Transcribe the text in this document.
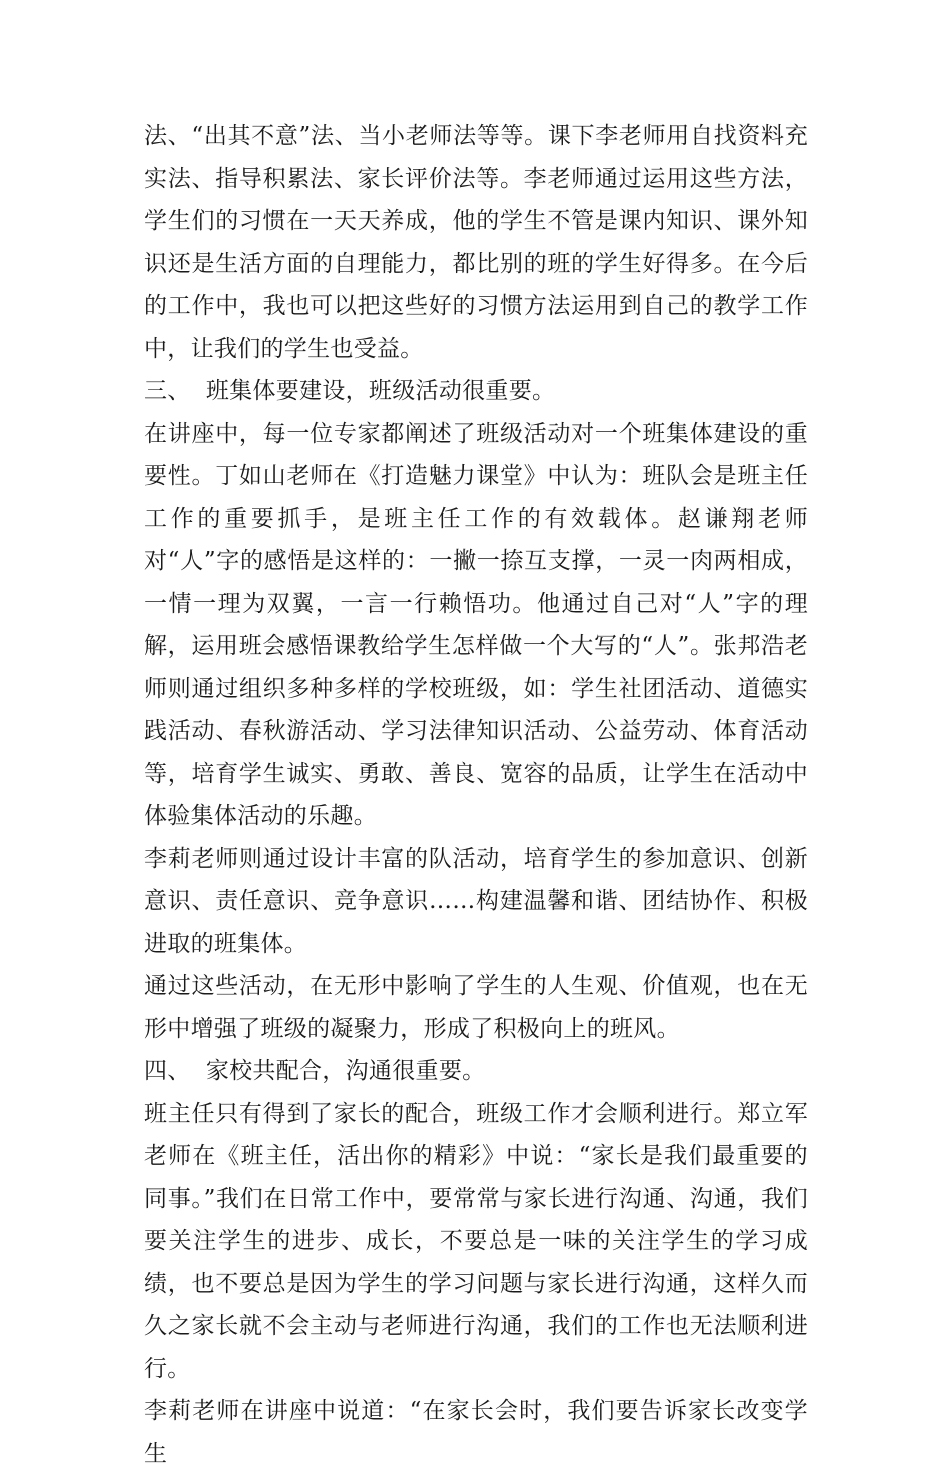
法、“出其不意”法、当小老师法等等。课下李老师用自找资料充实法、指导积累法、家长评价法等。李老师通过运用这些方法，学生们的习惯在一天天养成，他的学生不管是课内知识、课外知识还是生活方面的自理能力，都比别的班的学生好得多。在今后的工作中，我也可以把这些好的习惯方法运用到自己的教学工作中，让我们的学生也受益。

三、  班集体要建设，班级活动很重要。

在讲座中，每一位专家都阐述了班级活动对一个班集体建设的重要性。丁如山老师在《打造魅力课堂》中认为：班队会是班主任工作的重要抓手，是班主任工作的有效载体。赵谦翔老师对“人”字的感悟是这样的：一撇一捺互支撑，一灵一肉两相成，一情一理为双翼，一言一行赖悟功。他通过自己对“人”字的理解，运用班会感悟课教给学生怎样做一个大写的“人”。张邦浩老师则通过组织多种多样的学校班级，如：学生社团活动、道德实践活动、春秋游活动、学习法律知识活动、公益劳动、体育活动等，培育学生诚实、勇敢、善良、宽容的品质，让学生在活动中体验集体活动的乐趣。

李莉老师则通过设计丰富的队活动，培育学生的参加意识、创新意识、责任意识、竞争意识……构建温馨和谐、团结协作、积极进取的班集体。

通过这些活动，在无形中影响了学生的人生观、价值观，也在无形中增强了班级的凝聚力，形成了积极向上的班风。

四、  家校共配合，沟通很重要。

班主任只有得到了家长的配合，班级工作才会顺利进行。郑立军老师在《班主任，活出你的精彩》中说：“家长是我们最重要的同事。”我们在日常工作中，要常常与家长进行沟通、沟通，我们要关注学生的进步、成长，不要总是一味的关注学生的学习成绩，也不要总是因为学生的学习问题与家长进行沟通，这样久而久之家长就不会主动与老师进行沟通，我们的工作也无法顺利进行。

李莉老师在讲座中说道：“在家长会时，我们要告诉家长改变学生
